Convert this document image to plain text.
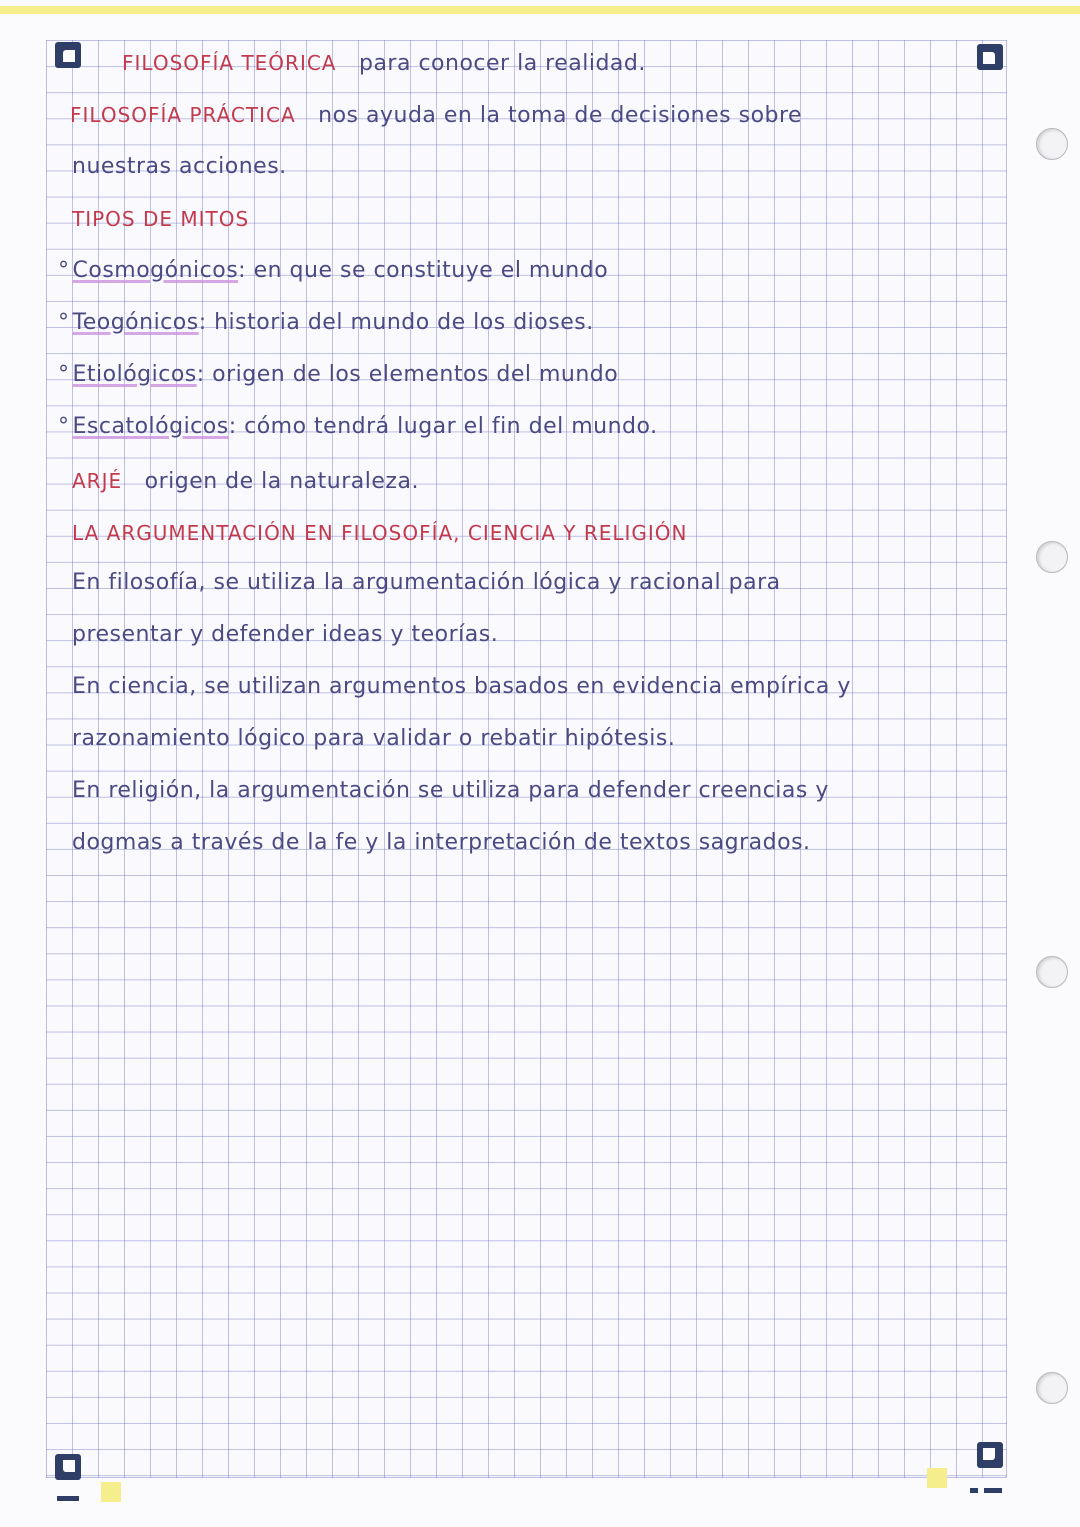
FILOSOFÍA TEÓRICA para conocer la realidad.
FILOSOFÍA PRÁCTICA nos ayuda en la toma de decisiones sobre
nuestras acciones.
TIPOS DE MITOS
° Cosmogónicos: en que se constituye el mundo
° Teogónicos: historia del mundo de los dioses.
° Etiológicos: origen de los elementos del mundo
° Escatológicos: cómo tendrá lugar el fin del mundo.
ARJÉ origen de la naturaleza.
LA ARGUMENTACIÓN EN FILOSOFÍA, CIENCIA Y RELIGIÓN
En filosofía, se utiliza la argumentación lógica y racional para
presentar y defender ideas y teorías.
En ciencia, se utilizan argumentos basados en evidencia empírica y
razonamiento lógico para validar o rebatir hipótesis.
En religión, la argumentación se utiliza para defender creencias y
dogmas a través de la fe y la interpretación de textos sagrados.
